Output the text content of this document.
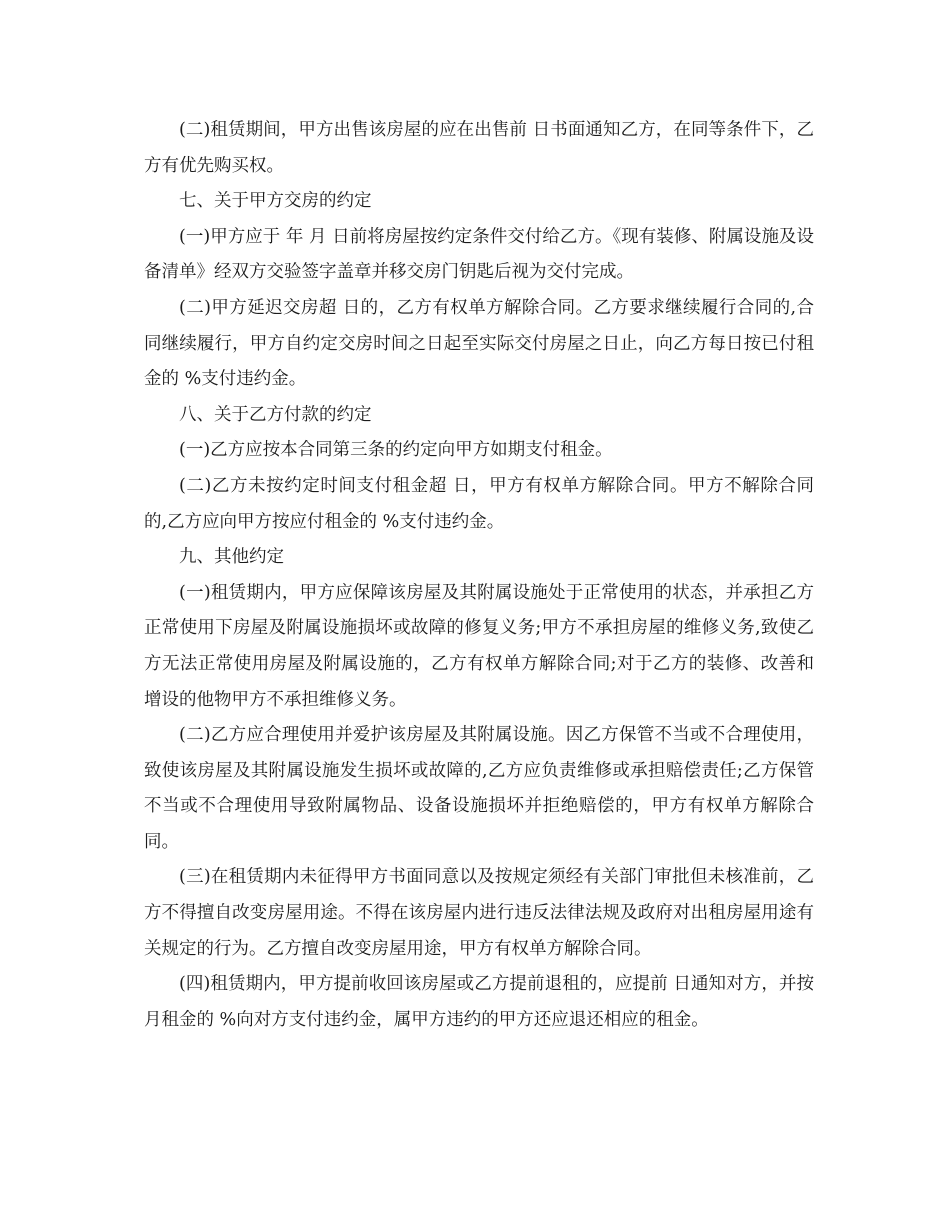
(二)租赁期间，甲方出售该房屋的应在出售前 日书面通知乙方，在同等条件下，乙方有优先购买权。

七、关于甲方交房的约定

(一)甲方应于 年 月 日前将房屋按约定条件交付给乙方。《现有装修、附属设施及设备清单》经双方交验签字盖章并移交房门钥匙后视为交付完成。

(二)甲方延迟交房超 日的，乙方有权单方解除合同。乙方要求继续履行合同的,合同继续履行，甲方自约定交房时间之日起至实际交付房屋之日止，向乙方每日按已付租金的 %支付违约金。

八、关于乙方付款的约定

(一)乙方应按本合同第三条的约定向甲方如期支付租金。

(二)乙方未按约定时间支付租金超 日，甲方有权单方解除合同。甲方不解除合同的,乙方应向甲方按应付租金的 %支付违约金。

九、其他约定

(一)租赁期内，甲方应保障该房屋及其附属设施处于正常使用的状态，并承担乙方正常使用下房屋及附属设施损坏或故障的修复义务;甲方不承担房屋的维修义务,致使乙方无法正常使用房屋及附属设施的，乙方有权单方解除合同;对于乙方的装修、改善和增设的他物甲方不承担维修义务。

(二)乙方应合理使用并爱护该房屋及其附属设施。因乙方保管不当或不合理使用，致使该房屋及其附属设施发生损坏或故障的,乙方应负责维修或承担赔偿责任;乙方保管不当或不合理使用导致附属物品、设备设施损坏并拒绝赔偿的，甲方有权单方解除合同。

(三)在租赁期内未征得甲方书面同意以及按规定须经有关部门审批但未核准前，乙方不得擅自改变房屋用途。不得在该房屋内进行违反法律法规及政府对出租房屋用途有关规定的行为。乙方擅自改变房屋用途，甲方有权单方解除合同。

(四)租赁期内，甲方提前收回该房屋或乙方提前退租的，应提前 日通知对方，并按月租金的 %向对方支付违约金，属甲方违约的甲方还应退还相应的租金。
